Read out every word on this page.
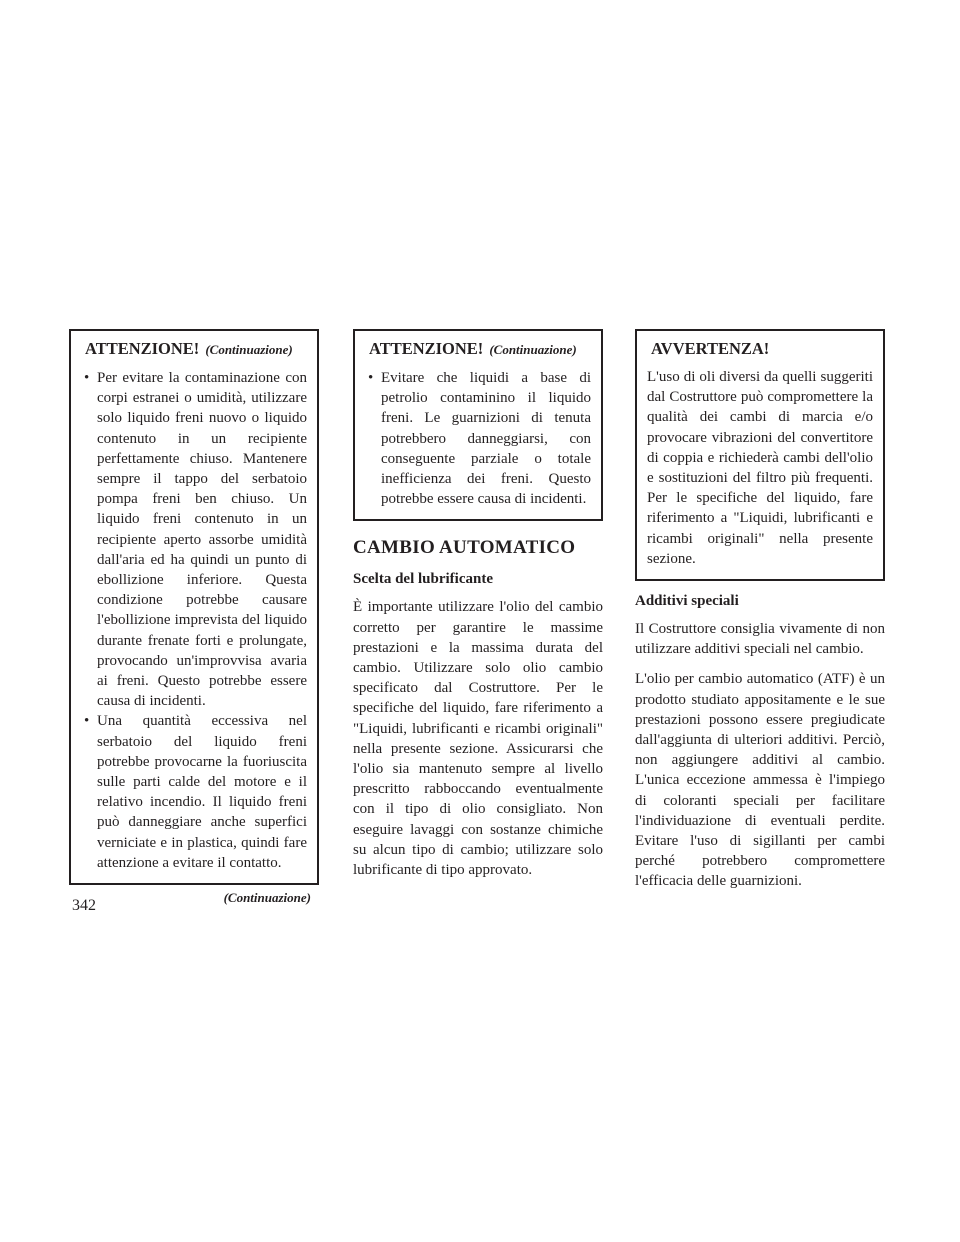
ATTENZIONE! (Continuazione)
• Per evitare la contaminazione con corpi estranei o umidità, utilizzare solo liquido freni nuovo o liquido contenuto in un recipiente perfettamente chiuso. Mantenere sempre il tappo del serbatoio pompa freni ben chiuso. Un liquido freni contenuto in un recipiente aperto assorbe umidità dall'aria ed ha quindi un punto di ebollizione inferiore. Questa condizione potrebbe causare l'ebollizione imprevista del liquido durante frenate forti e prolungate, provocando un'improvvisa avaria ai freni. Questo potrebbe essere causa di incidenti.
• Una quantità eccessiva nel serbatoio del liquido freni potrebbe provocarne la fuoriuscita sulle parti calde del motore e il relativo incendio. Il liquido freni può danneggiare anche superfici verniciate e in plastica, quindi fare attenzione a evitare il contatto.
(Continuazione)
ATTENZIONE! (Continuazione)
• Evitare che liquidi a base di petrolio contaminino il liquido freni. Le guarnizioni di tenuta potrebbero danneggiarsi, con conseguente parziale o totale inefficienza dei freni. Questo potrebbe essere causa di incidenti.
CAMBIO AUTOMATICO
Scelta del lubrificante

È importante utilizzare l'olio del cambio corretto per garantire le massime prestazioni e la massima durata del cambio. Utilizzare solo olio cambio specificato dal Costruttore. Per le specifiche del liquido, fare riferimento a "Liquidi, lubrificanti e ricambi originali" nella presente sezione. Assicurarsi che l'olio sia mantenuto sempre al livello prescritto rabboccando eventualmente con il tipo di olio consigliato. Non eseguire lavaggi con sostanze chimiche su alcun tipo di cambio; utilizzare solo lubrificante di tipo approvato.

AVVERTENZA!

L'uso di oli diversi da quelli suggeriti dal Costruttore può compromettere la qualità dei cambi di marcia e/o provocare vibrazioni del convertitore di coppia e richiederà cambi dell'olio e sostituzioni del filtro più frequenti. Per le specifiche del liquido, fare riferimento a "Liquidi, lubrificanti e ricambi originali" nella presente sezione.

Additivi speciali

Il Costruttore consiglia vivamente di non utilizzare additivi speciali nel cambio.

L'olio per cambio automatico (ATF) è un prodotto studiato appositamente e le sue prestazioni possono essere pregiudicate dall'aggiunta di ulteriori additivi. Perciò, non aggiungere additivi al cambio. L'unica eccezione ammessa è l'impiego di coloranti speciali per facilitare l'individuazione di eventuali perdite. Evitare l'uso di sigillanti per cambi perché potrebbero compromettere l'efficacia delle guarnizioni.

342
